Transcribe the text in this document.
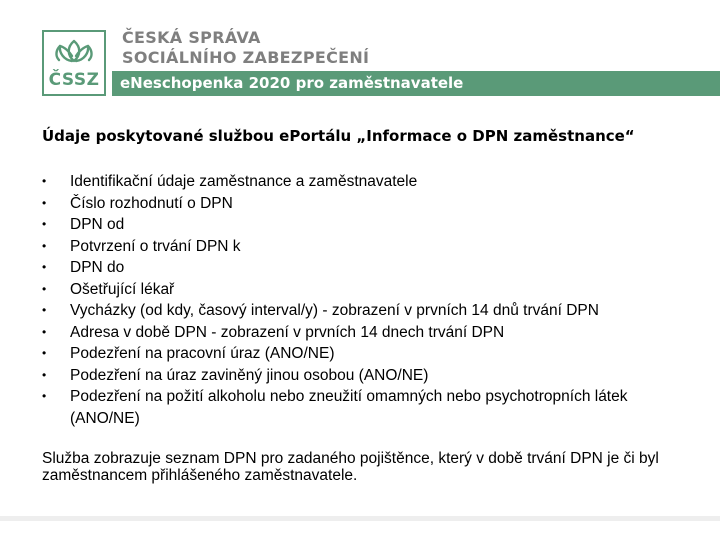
ČSSZ

ČESKÁ SPRÁVA

SOCIÁLNÍHO ZABEZPEČENÍ

eNeschopenka 2020 pro zaměstnavatele

Údaje poskytované službou ePortálu „Informace o DPN zaměstnance“
• Identifikační údaje zaměstnance a zaměstnavatele
• Číslo rozhodnutí o DPN
• DPN od
• Potvrzení o trvání DPN k
• DPN do
• Ošetřující lékař
• Vycházky (od kdy, časový interval/y) - zobrazení v prvních 14 dnů trvání DPN
• Adresa v době DPN - zobrazení v prvních 14 dnech trvání DPN
• Podezření na pracovní úraz (ANO/NE)
• Podezření na úraz zaviněný jinou osobou (ANO/NE)
• Podezření na požití alkoholu nebo zneužití omamných nebo psychotropních látek (ANO/NE)

Služba zobrazuje seznam DPN pro zadaného pojištěnce, který v době trvání DPN je či byl zaměstnancem přihlášeného zaměstnavatele.
